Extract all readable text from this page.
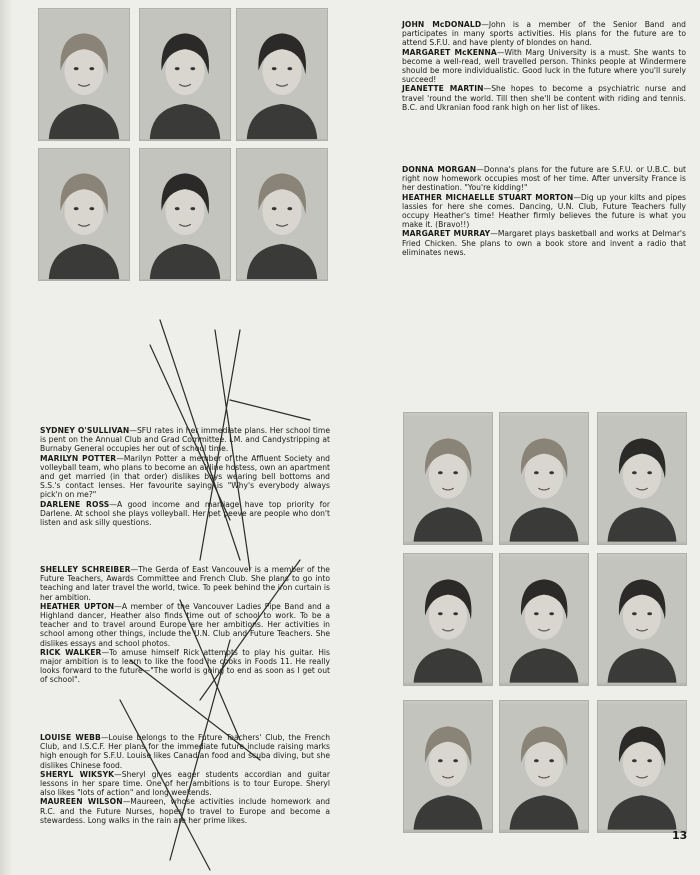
JOHN McDONALD—John is a member of the Senior Band and participates in many sports activities. His plans for the future are to attend S.F.U. and have plenty of blondes on hand.

MARGARET McKENNA—With Marg University is a must. She wants to become a well-read, well travelled person. Thinks people at Windermere should be more individualistic. Good luck in the future where you'll surely succeed!

JEANETTE MARTIN—She hopes to become a psychiatric nurse and travel 'round the world. Till then she'll be content with riding and tennis. B.C. and Ukranian food rank high on her list of likes.

DONNA MORGAN—Donna's plans for the future are S.F.U. or U.B.C. but right now homework occupies most of her time. After unversity France is her destination. "You're kidding!"

HEATHER MICHAELLE STUART MORTON—Dig up your kilts and pipes lassies for here she comes. Dancing, U.N. Club, Future Teachers fully occupy Heather's time! Heather firmly believes the future is what you make it. (Bravo!!)

MARGARET MURRAY—Margaret plays basketball and works at Delmar's Fried Chicken. She plans to own a book store and invent a radio that eliminates news.

SYDNEY O'SULLIVAN—SFU rates in her immediate plans. Her school time is pent on the Annual Club and Grad Committee. I.M. and Candystripping at Burnaby General occupies her out of school time.

MARILYN POTTER—Marilyn Potter a member of the Affluent Society and volleyball team, who plans to become an airline hostess, own an apartment and get married (in that order) dislikes boys wearing bell bottoms and S.S.'s contact lenses. Her favourite saying is "Why's everybody always pick'n on me?"

DARLENE ROSS—A good income and marriage have top priority for Darlene. At school she plays volleyball. Her pet peeve are people who don't listen and ask silly questions.

SHELLEY SCHREIBER—The Gerda of East Vancouver is a member of the Future Teachers, Awards Committee and French Club. She plans to go into teaching and later travel the world, twice. To peek behind the iron curtain is her ambition.

HEATHER UPTON—A member of the Vancouver Ladies Pipe Band and a Highland dancer, Heather also finds time out of school to work. To be a teacher and to travel around Europe are her ambitions. Her activities in school among other things, include the U.N. Club and Future Teachers. She dislikes essays and school photos.

RICK WALKER—To amuse himself Rick attempts to play his guitar. His major ambition is to learn to like the food he cooks in Foods 11. He really looks forward to the future—"The world is going to end as soon as I get out of school".

LOUISE WEBB—Louise belongs to the Future Teachers' Club, the French Club, and I.S.C.F. Her plans for the immediate future include raising marks high enough for S.F.U. Louise likes Canadian food and scuba diving, but she dislikes Chinese food.

SHERYL WIKSYK—Sheryl gives eager students accordian and guitar lessons in her spare time. One of her ambitions is to tour Europe. Sheryl also likes "lots of action" and long weekends.

MAUREEN WILSON—Maureen, whose activities include homework and R.C. and the Future Nurses, hopes to travel to Europe and become a stewardess. Long walks in the rain are her prime likes.

13
